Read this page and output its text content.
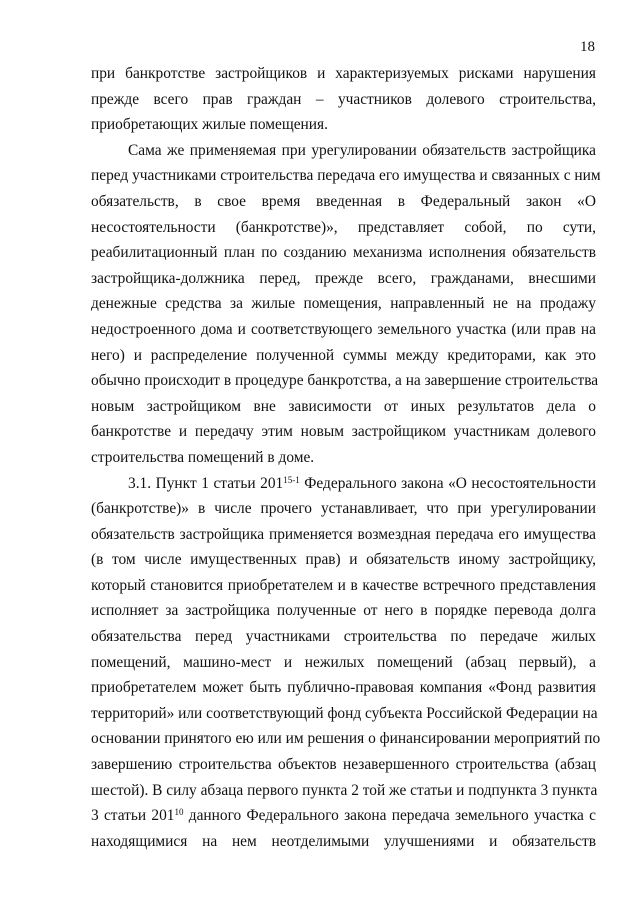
18
при банкротстве застройщиков и характеризуемых рисками нарушения
прежде всего прав граждан – участников долевого строительства,
приобретающих жилые помещения.
Сама же применяемая при урегулировании обязательств застройщика
перед участниками строительства передача его имущества и связанных с ним
обязательств, в свое время введенная в Федеральный закон «О
несостоятельности (банкротстве)», представляет собой, по сути,
реабилитационный план по созданию механизма исполнения обязательств
застройщика-должника перед, прежде всего, гражданами, внесшими
денежные средства за жилые помещения, направленный не на продажу
недостроенного дома и соответствующего земельного участка (или прав на
него) и распределение полученной суммы между кредиторами, как это
обычно происходит в процедуре банкротства, а на завершение строительства
новым застройщиком вне зависимости от иных результатов дела о
банкротстве и передачу этим новым застройщиком участникам долевого
строительства помещений в доме.
3.1. Пункт 1 статьи 201$^{15-1}$ Федерального закона «О несостоятельности
(банкротстве)» в числе прочего устанавливает, что при урегулировании
обязательств застройщика применяется возмездная передача его имущества
(в том числе имущественных прав) и обязательств иному застройщику,
который становится приобретателем и в качестве встречного представления
исполняет за застройщика полученные от него в порядке перевода долга
обязательства перед участниками строительства по передаче жилых
помещений, машино-мест и нежилых помещений (абзац первый), а
приобретателем может быть публично-правовая компания «Фонд развития
территорий» или соответствующий фонд субъекта Российской Федерации на
основании принятого ею или им решения о финансировании мероприятий по
завершению строительства объектов незавершенного строительства (абзац
шестой). В силу абзаца первого пункта 2 той же статьи и подпункта 3 пункта
3 статьи $201^{10}$ данного Федерального закона передача земельного участка с
находящимися на нем неотделимыми улучшениями и обязательств
